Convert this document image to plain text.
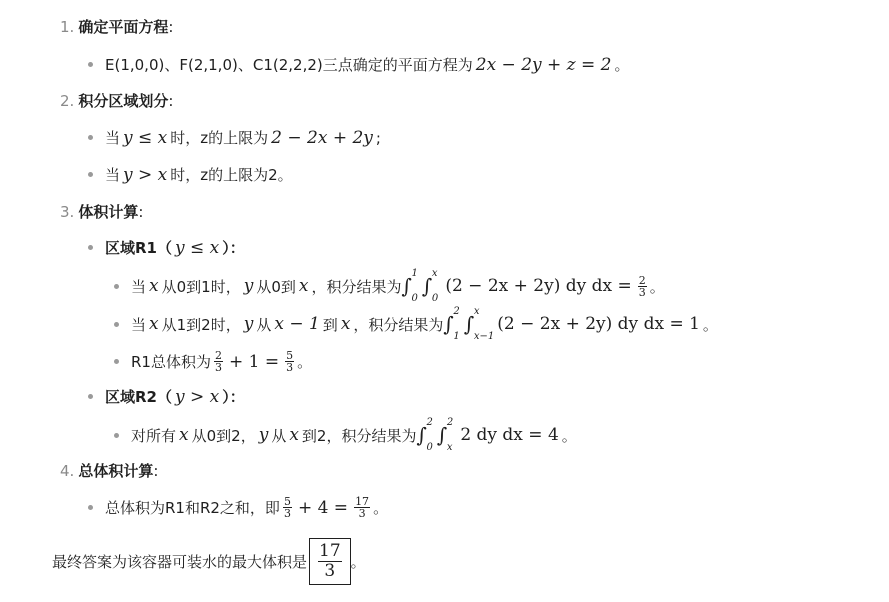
1. 确定平面方程 :
E(1,0,0)、F(2,1,0)、C1(2,2,2)三点确定的平面方程为 2x − 2y + z = 2 。
2. 积分区域划分 :
当 y ≤ x 时，z的上限为 2 − 2x + 2y ;
当 y > x 时，z的上限为2。
3. 体积计算 :
区域R1（ y ≤ x ）：
当 x 从0到1时， y 从0到 x ，积分结果为 ∫
1
0
∫
x
0
(2 − 2x + 2y) dy dx = $\frac{2}{3}$ 。
当 x 从1到2时， y 从 x − 1 到 x ，积分结果为 ∫
2
1
∫
x
x−1
(2 − 2x + 2y) dy dx = 1 。
R1总体积为 $\frac{2}{3} + 1 = \frac{5}{3}$ 。
区域R2（ y > x ）：
对所有 x 从0到2， y 从 x 到2，积分结果为 ∫
2
0
∫
2
x
2 dy dx = 4 。
4. 总体积计算 :
总体积为R1和R2之和，即 $\frac{5}{3} + 4 = \frac{17}{3}$ 。
最终答案为该容器可装水的最大体积是 $\frac{17}{3}$ 。
